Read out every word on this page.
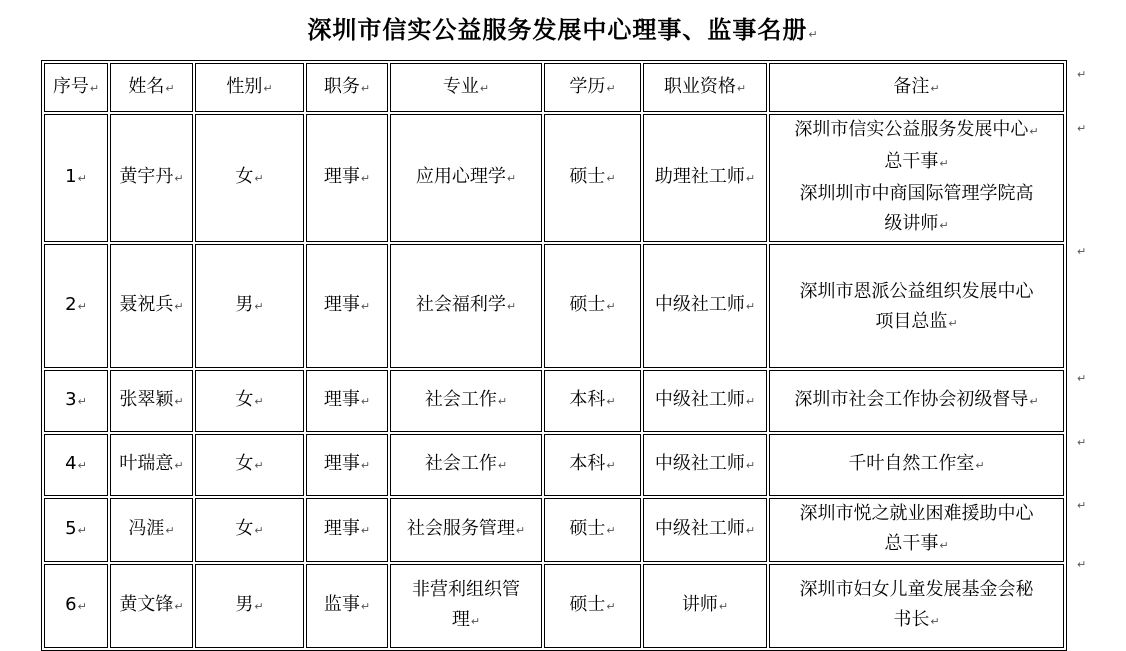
深圳市信实公益服务发展中心理事、监事名册↵
序号↵	姓名↵	性别↵	职务↵	专业↵	学历↵	职业资格↵	备注↵
1↵	黄宇丹↵	女↵	理事↵	应用心理学↵	硕士↵	助理社工师↵	深圳市信实公益服务发展中心↵
总干事↵
深圳圳市中商国际管理学院高
级讲师↵
2↵	聂祝兵↵	男↵	理事↵	社会福利学↵	硕士↵	中级社工师↵	深圳市恩派公益组织发展中心
项目总监↵
3↵	张翠颖↵	女↵	理事↵	社会工作↵	本科↵	中级社工师↵	深圳市社会工作协会初级督导↵
4↵	叶瑞意↵	女↵	理事↵	社会工作↵	本科↵	中级社工师↵	千叶自然工作室↵
5↵	冯涯↵	女↵	理事↵	社会服务管理↵	硕士↵	中级社工师↵	深圳市悦之就业困难援助中心
总干事↵
6↵	黄文锋↵	男↵	监事↵	非营利组织管
理↵	硕士↵	讲师↵	深圳市妇女儿童发展基金会秘
书长↵
↵
↵
↵
↵
↵
↵
↵
